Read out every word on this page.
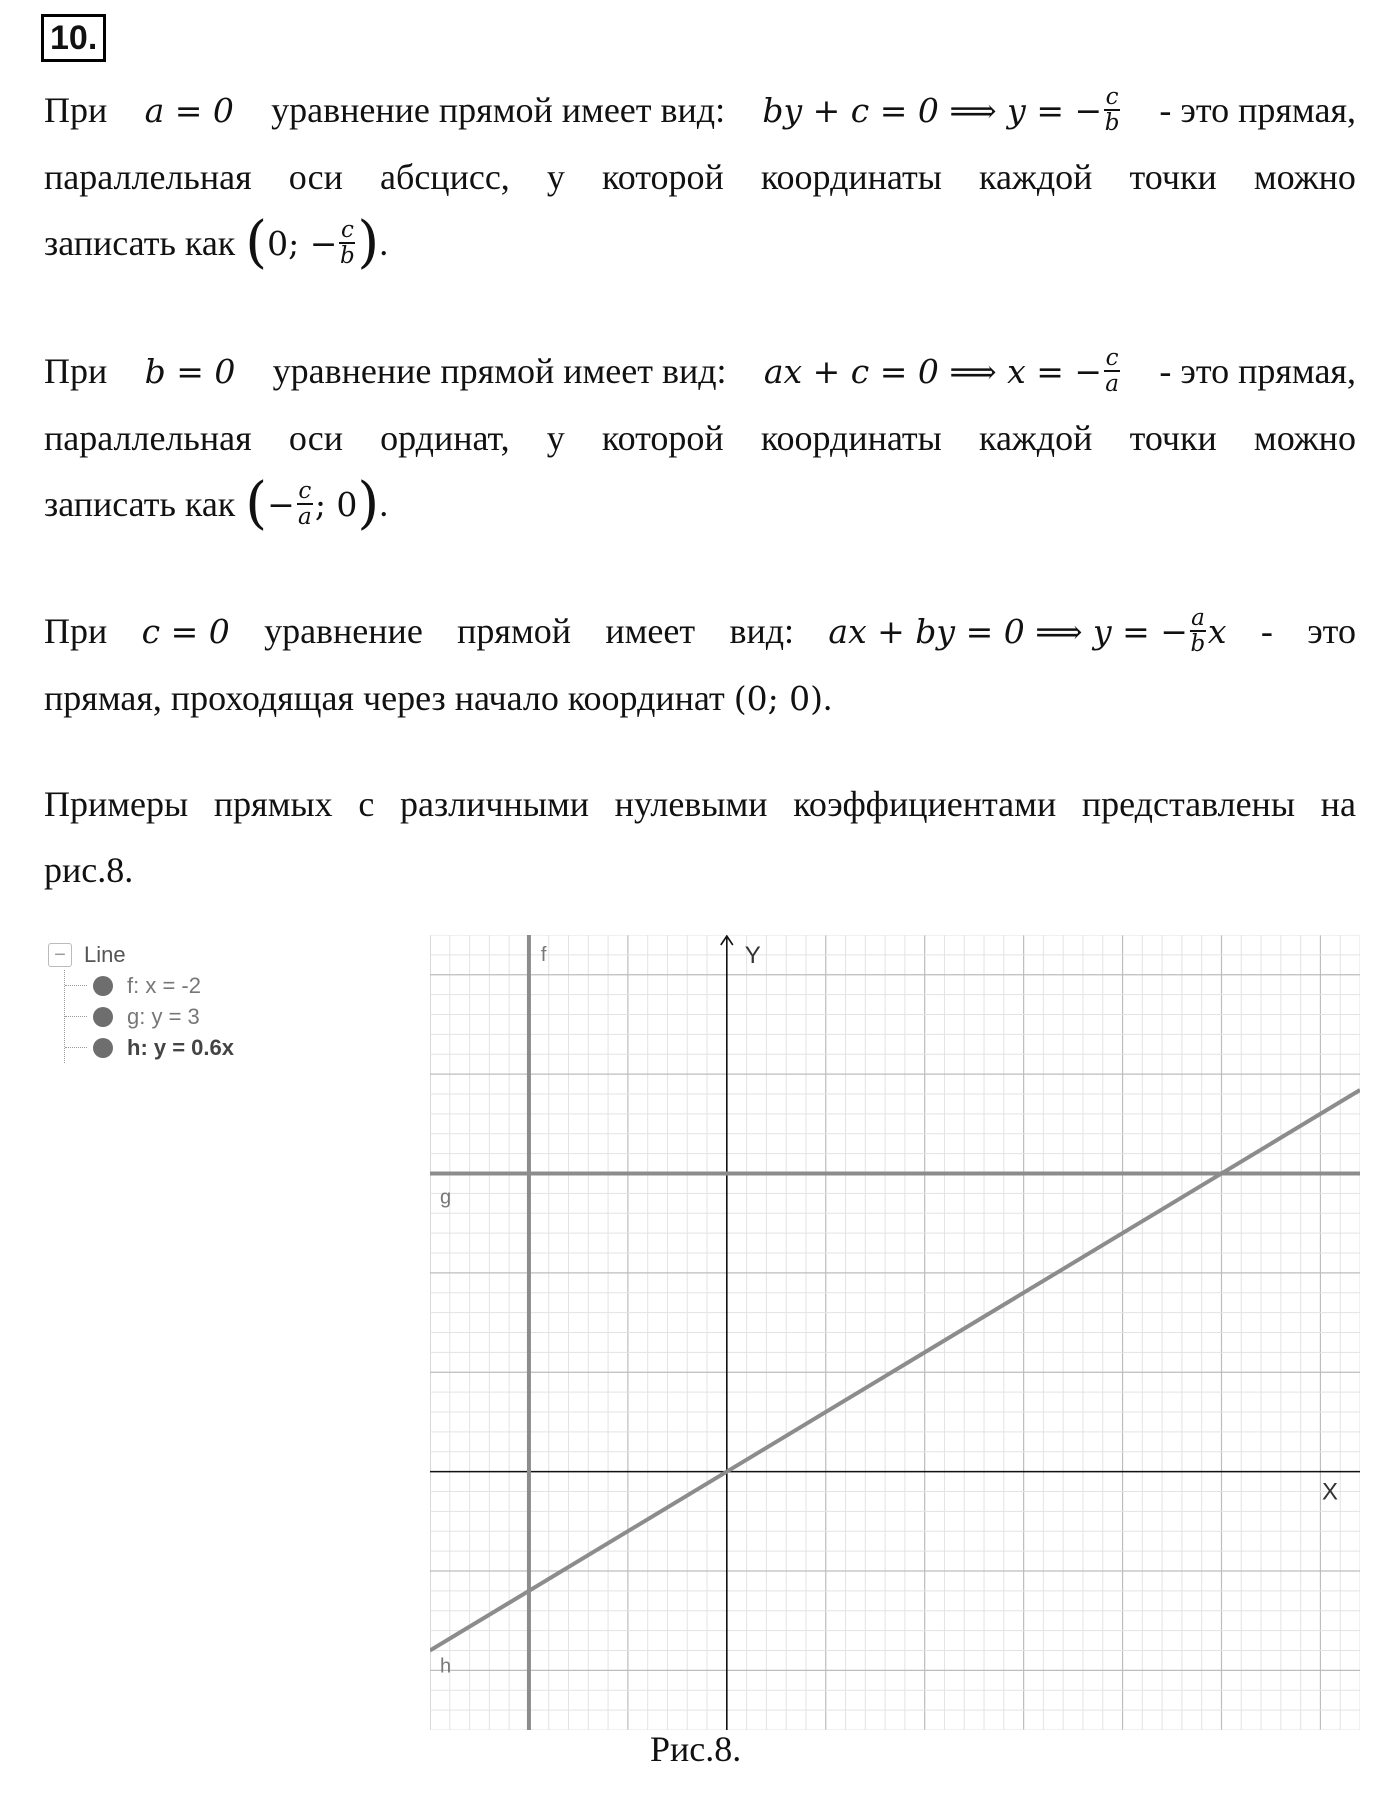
10.
При a = 0 уравнение прямой имеет вид: by + c = 0 ⟹ y = − $\frac{c}{b}$ - это прямая,
параллельная оси абсцисс, у которой координаты каждой точки можно
записать как (0; − $\frac{c}{b}$ ).
При b = 0 уравнение прямой имеет вид: ax + c = 0 ⟹ x = − $\frac{c}{a}$ - это прямая,
параллельная оси ординат, у которой координаты каждой точки можно
записать как (− $\frac{c}{a}$ ; 0).
При c = 0 уравнение прямой имеет вид: ax + by = 0 ⟹ y = − $\frac{a}{b}$ x - это
прямая, проходящая через начало координат
(0; 0) .
Примеры прямых с различными нулевыми коэффициентами представлены на
рис.8.
− Line
f: x = -2
g: y = 3
h: y = 0.6x
X
Y
f
g
h
Рис.8.
